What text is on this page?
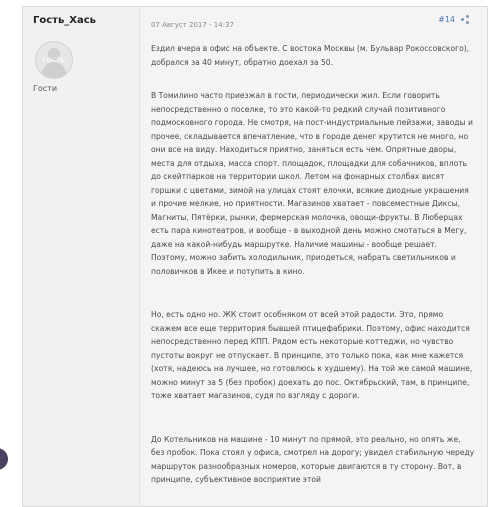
Гость_Хась
ГОСТЬ
Гости
07 Август 2017 - 14:37
#14

Ездил вчера в офис на объекте. С востока Москвы (м. Бульвар Рокоссовского), добрался за 40 минут, обратно доехал за 50.

В Томилино часто приезжал в гости, периодически жил. Если говорить непосредственно о поселке, то это какой-то редкий случай позитивного подмосковного города. Не смотря, на пост-индустриальные пейзажи, заводы и прочее, складывается впечатление, что в городе денег крутится не много, но они все на виду. Находиться приятно, заняться есть чем. Опрятные дворы, места для отдыха, масса спорт. площадок, площадки для собачников, вплоть до скейтпарков на территории школ. Летом на фонарных столбах висят горшки с цветами, зимой на улицах стоят елочки, всякие диодные украшения и прочие мелкие, но приятности. Магазинов хватает - повсеместные Диксы, Магниты, Пятёрки, рынки, фермерская молочка, овощи-фрукты. В Люберцах есть пара кинотеатров, и вообще - в выходной день можно смотаться в Мегу, даже на какой-нибудь маршрутке. Наличие машины - вообще решает. Поэтому, можно забить холодильник, приодеться, набрать светильников и половичков в Икее и потупить в кино.

Но, есть одно но. ЖК стоит особняком от всей этой радости. Это, прямо скажем все еще территория бывшей птицефабрики. Поэтому, офис находится непосредственно перед КПП. Рядом есть некоторые коттеджи, но чувство пустоты вокруг не отпускает. В принципе, это только пока, как мне кажется (хотя, надеюсь на лучшее, но готовлюсь к худшему). На той же самой машине, можно минут за 5 (без пробок) доехать до пос. Октябрьский, там, в принципе, тоже хватает магазинов, судя по взгляду с дороги.

До Котельников на машине - 10 минут по прямой, это реально, но опять же, без пробок. Пока стоял у офиса, смотрел на дорогу; увидел стабильную череду маршруток разнообразных номеров, которые двигаются в ту сторону. Вот, в принципе, субъективное восприятие этой
